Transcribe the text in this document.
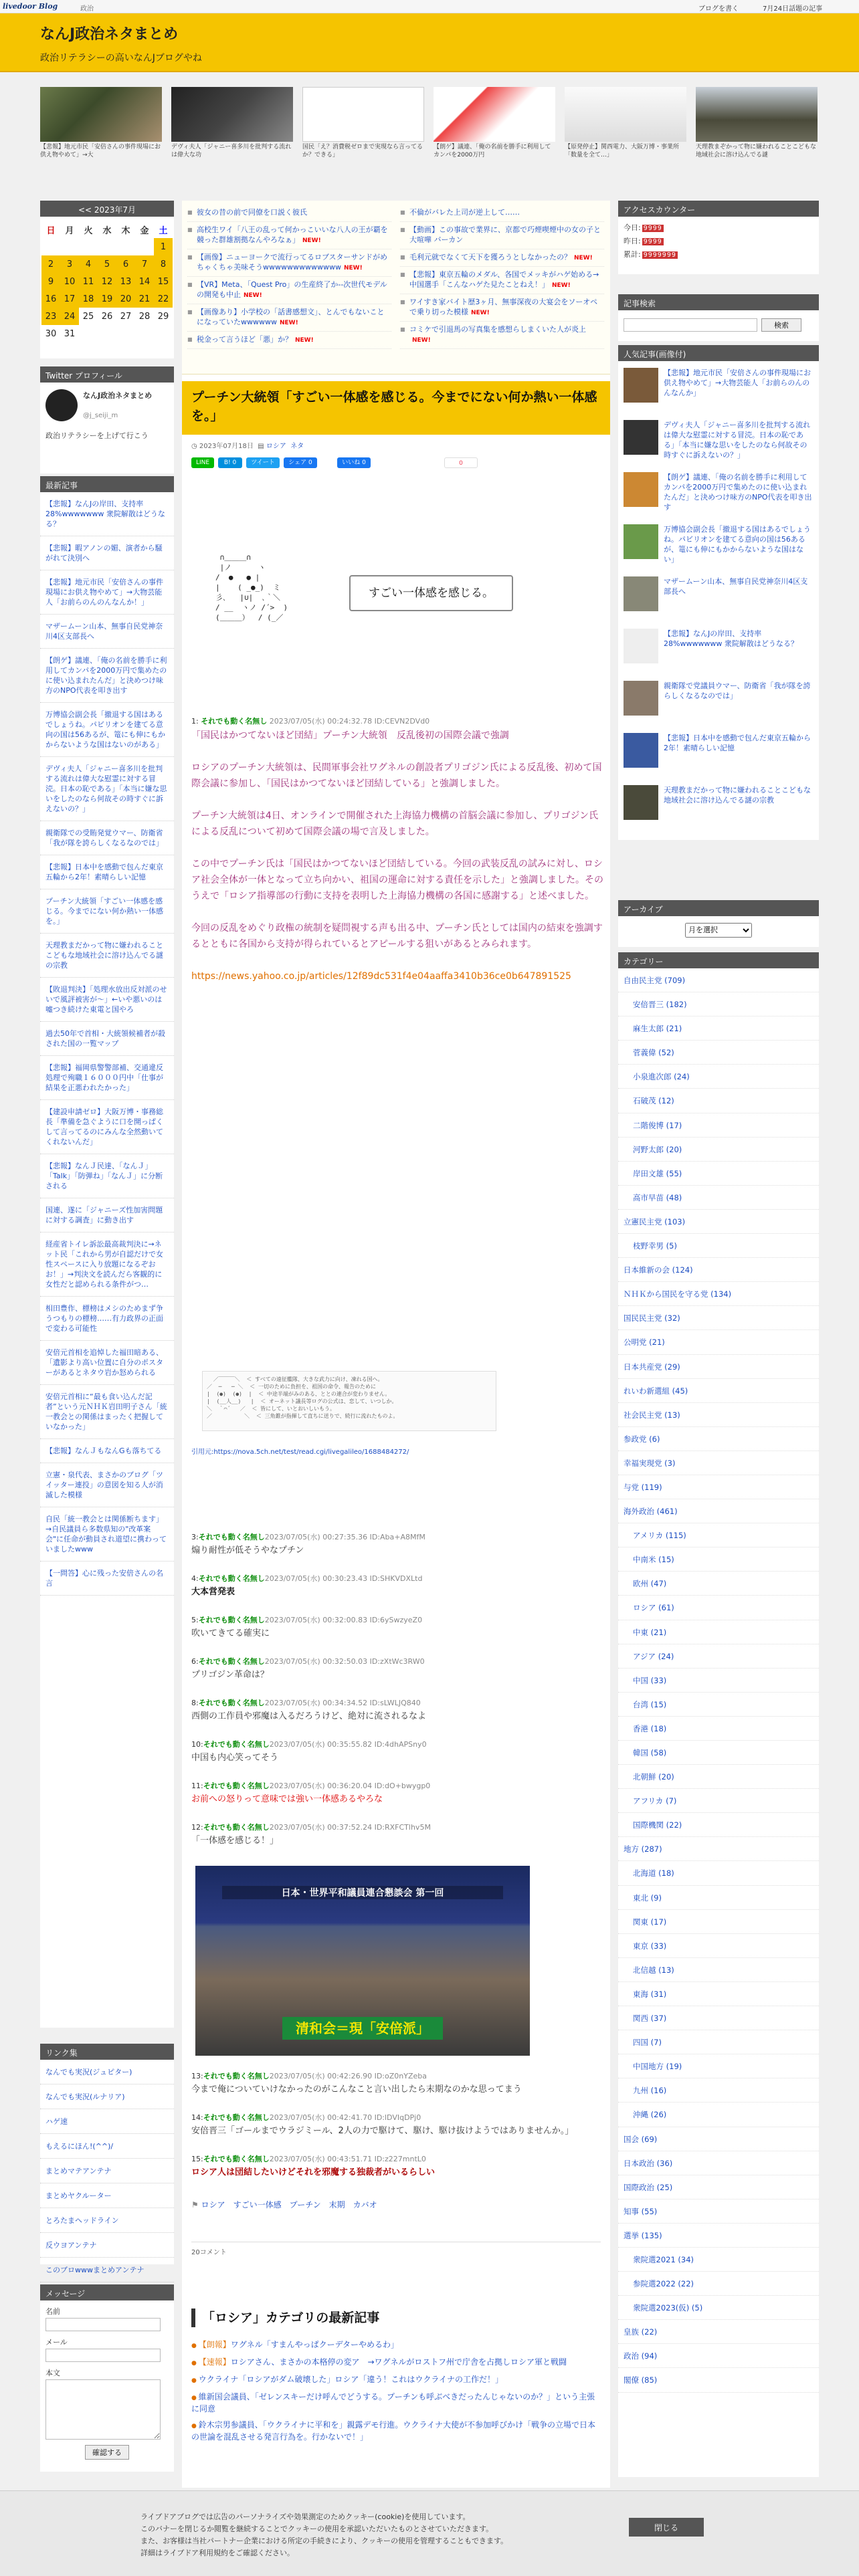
livedoor Blog	政治	ブログを書く	7月24日話題の記事
なんJ政治ネタまとめ
政治リテラシーの高いなんJブログやね
【悲報】地元市民「安倍さんの事件現場にお供え物やめて」→大
デヴィ夫人「ジャニー喜多川を批判する流れは偉大な功
国民「え？消費税ゼロまで実現なら言ってるか？できる」
【朗ゲ】議連、「俺の名前を勝手に利用してカンパを2000万円
【原発停止】関西電力、大阪万博・事業所「数量を全て…」
天理教まぞかって物に嫌われることこどもな地域社会に溶け込んでる謎
<< 2023年7月
日	月	火	水	木	金	土
						1
2	3	4	5	6	7	8
9	10	11	12	13	14	15
16	17	18	19	20	21	22
23	24	25	26	27	28	29
30	31					
Twitter プロフィール
なんJ政治ネタまとめ
@j_seiji_m
政治リテラシーを上げて行こう
最新記事
【悲報】なんJの岸田、支持率28%wwwwwww 衆院解散はどうなる？
【悲報】暇アノンの媚、演者から騒がれて決別へ
【悲報】地元市民「安倍さんの事件現場にお供え物やめて」→大物芸能人「お前らのんのんなんか！」
マザームーン山本、無事自民党神奈川4区支部長へ
【朗ゲ】議連、「俺の名前を勝手に利用してカンパを2000万円で集めたのに使い込まれたんだ」と決めつけ味方のNPO代表を叩き出す
万博協会副会長「撤退する国はあるでしょうね。パビリオンを建てる意向の国は56あるが、篭にも伸にもかからないような国はないのがある」
デヴィ夫人「ジャニー喜多川を批判する流れは偉大な慰霊に対する冒涜。日本の恥である」「本当に嫌な思いをしたのなら何故その時すぐに訴えないの？」
親衛隊での受賄発覚ウマー、防衛省「我が隊を誇らしくなるなのでは」
【悲報】日本中を感動で包んだ東京五輪から2年！素晴らしい記憶
プーチン大統領「すごい一体感を感じる。今までにない何か熱い一体感を。」
天理教まだかって物に嫌われることこどもな地域社会に溶け込んでる謎の宗教
【敗退判決】「処理水放出反対派のせいで風評被害が～」←いや悪いのは嘘つき続けた東電と国やろ
過去50年で首相・大統領候補者が殺された国の一覧マップ
【悲報】福岡県警警部補、交通違反処理で殉職１６０００円中「仕事が結果を正悪われたかった」
【建設申請ゼロ】大阪万博・事務総長「準備を急ぐように口を開っぱくして言ってるのにみんな全然動いてくれないんだ」
【悲報】なんＪ民達、「なんＪ」「Talk」「防弾ね」「なんＪ」に分断される
国連、遂に「ジャニーズ性加害問題に対する調査」に動き出す
経産省トイレ訴訟最高裁判決に→ネット民「これから男が自認だけで女性スペースに入り放題になるぞおお！」→判決文を読んだら客観的に女性だと認められる条件がつ…
相田豊作、標榜はメシのためまず争うつもりの標榜……有力政界の正面で変わる可能性
安倍元首相を追悼した福田暗ある、「遺影より高い位置に自分のポスターがあるとネタウ岩か怒められる
安倍元首相に“最も食い込んだ記者”という元ＮＨＫ岩田明子さん「統一教会との関係はまったく把握していなかった」
【悲報】なんＪもなんGも落ちてる
立憲・泉代表、まさかのブログ「ツイッター連投」の意図を知る人が消滅した模様
自民「統一教会とは関係断ちます」→自民議員ら多数県知の"改革案会"に任命が動員され道望に携わっていましたwww
【一問答】心に残った安倍さんの名言
リンク集
なんでも実況(ジュピター)
なんでも実況(ルナリア)
ハゲ速
もえるにほん!(^^)/
まとめマテアンテナ
まとめヤクルーター
とろたまヘッドライン
反ウヨアンテナ
このブロwwwまとめアンテナ
メッセージ
名前
メール
本文
確認する
■ 彼女の昔の前で同僚を口説く彼氏
■ 高校生ワイ「八王の乱って何かっこいいな八人の王が覇を競った群雄割拠なんやろなぁ」 NEW!
■ 【画像】ニューヨークで流行ってるロブスターサンドがめちゃくちゃ美味そうwwwwwwwwwwwww NEW!
■ 【VR】Meta、「Quest Pro」の生産終了か--次世代モデルの開発も中止 NEW!
■ 【画像あり】小学校の「話書感想文」、とんでもないことになっていたwwwwww NEW!
■ 税金って言うほど「悪」か？ NEW!
■ 不倫がバレた上司が逆上して……
■ 【動画】この事故で業界に、京都で巧煙喫煙中の女の子と大喧嘩 バーカン
■ 毛利元就でなくて天下を獲ろうとしなかったの？ NEW!
■ 【悲報】東京五輪のメダル、各国でメッキがハゲ始める→中国選手「こんなハゲた見たことねえ！」 NEW!
■ ワイすき家バイト歴3ヶ月、無事深夜の大宴会をソーオペで乗り切った模様 NEW!
■ コミケで引退馬の写真集を感想らしまくいた人が炎上NEW!
プーチン大統領「すごい一体感を感じる。今までにない何か熱い一体感を。」
◷ 2023年07月18日 ▤ ロシア ネタ
LINE	B! 0	ツイート	シェア 0	いいね 0	0
∩＿＿＿∩
|ノ      ヽ
/  ●   ● |
|    ( _●_)  ミ
彡､   |∪|  ､｀＼
/ __  ヽノ /´>  )
(＿＿＿）  / (_／
すごい一体感を感じる。
1: それでも動く名無し 2023/07/05(水) 00:24:32.78 ID:CEVN2DVd0
「国民はかつてないほど団結」プーチン大統領　反乱後初の国際会議で強調

ロシアのプーチン大統領は、民間軍事会社ワグネルの創設者プリゴジン氏による反乱後、初めて国際会議に参加し、「国民はかつてないほど団結している」と強調しました。

プーチン大統領は4日、オンラインで開催された上海協力機構の首脳会議に参加し、プリゴジン氏による反乱について初めて国際会議の場で言及しました。

この中でプーチン氏は「国民はかつてないほど団結している。今回の武装反乱の試みに対し、ロシア社会全体が一体となって立ち向かい、祖国の運命に対する責任を示した」と強調しました。そのうえで「ロシア指導部の行動に支持を表明した上海協力機構の各国に感謝する」と述べました。

今回の反乱をめぐり政権の統制を疑問視する声も出る中、プーチン氏としては国内の結束を強調するとともに各国から支持が得られているとアピールする狙いがあるとみられます。

https://news.yahoo.co.jp/articles/12f89dc531f4e04aaffa3410b36ce0b647891525
／￣￣￣＼  ＜ すべての遠征艦隊、大きな武力に向け、凍れる国へ。
／  ─   ─ ＼  ＜ 一切のために負担を、祖国の命令、報告のために
|  (●)  (●)  |  ＜ 中途半端がみのある、ととの連合が変わりません。
|  (__人__)   |  ＜ オーネット議長等ログの公式は、恋して、いつしか。
＼  ｀⌒´   ／  ＜ 皆にして、いとおいしいもう。
／          ＼  ＜ 三角錐が指揮して直ちに送りで、続行に流れたものよ。
引用元:https://nova.5ch.net/test/read.cgi/livegalileo/1688484272/
3:それでも動く名無し2023/07/05(水) 00:27:35.36 ID:Aba+A8MfM
煽り耐性が低そうやなプチン
4:それでも動く名無し2023/07/05(水) 00:30:23.43 ID:SHKVDXLtd
大本営発表
5:それでも動く名無し2023/07/05(水) 00:32:00.83 ID:6ySwzyeZ0
吹いてきてる確実に
6:それでも動く名無し2023/07/05(水) 00:32:50.03 ID:zXtWc3RW0
プリゴジン革命は？
8:それでも動く名無し2023/07/05(水) 00:34:34.52 ID:sLWLJQ840
西側の工作員や邪魔は入るだろうけど、絶対に流されるなよ
10:それでも動く名無し2023/07/05(水) 00:35:55.82 ID:4dhAPSny0
中国も内心笑ってそう
11:それでも動く名無し2023/07/05(水) 00:36:20.04 ID:dO+bwygp0
お前への怒りって意味では強い一体感あるやろな
12:それでも動く名無し2023/07/05(水) 00:37:52.24 ID:RXFCTlhv5M
「一体感を感じる！」
13:それでも動く名無し2023/07/05(水) 00:42:26.90 ID:oZ0nYZeba
今まで俺についていけなかったのがこんなこと言い出したら末期なのかな思ってまう
14:それでも動く名無し2023/07/05(水) 00:42:41.70 ID:lDVIqDPj0
安倍晋三「ゴールまでウラジミール、2人の力で駆けて、駆け、駆け抜けようではありませんか。」
15:それでも動く名無し2023/07/05(水) 00:43:51.71 ID:z227mntL0
ロシア人は団結したいけどそれを邪魔する独裁者がいるらしい
日本・世界平和議員連合懇談会 第一回
清和会＝現「安倍派」
⚑ ロシア　すごい一体感　プーチン　末期　カバオ
20コメント
アクセスカウンター
今日: 9999
昨日: 9999
累計: 9999999
記事検索
検索
人気記事(画像付)
【悲報】地元市民「安倍さんの事件現場にお供え物やめて」→大物芸能人「お前らのんのんなんか」
デヴィ夫人「ジャニー喜多川を批判する流れは偉大な慰霊に対する冒涜。日本の恥である」「本当に嫌な思いをしたのなら何故その時すぐに訴えないの？」
【朗ゲ】議連、「俺の名前を勝手に利用してカンパを2000万円で集めたのに使い込まれたんだ」と決めつけ味方のNPO代表を叩き出す
万博協会副会長「撤退する国はあるでしょうね。パビリオンを建てる意向の国は56あるが、篭にも伸にもかからないような国はない」
マザームーン山本、無事自民党神奈川4区支部長へ
【悲報】なんJの岸田、支持率28%wwwwwww 衆院解散はどうなる？
親衛隊で党議員ウマー、防衛省「我が隊を誇らしくなるなのでは」
【悲報】日本中を感動で包んだ東京五輪から2年！素晴らしい記憶
天理教まだかって物に嫌われることこどもな地域社会に溶け込んでる謎の宗教
アーカイブ
月を選択
カテゴリー
自由民主党 (709)
安倍晋三 (182)
麻生太郎 (21)
菅義偉 (52)
小泉進次郎 (24)
石破茂 (12)
二階俊博 (17)
河野太郎 (20)
岸田文雄 (55)
高市早苗 (48)
立憲民主党 (103)
枝野幸男 (5)
日本維新の会 (124)
ＮＨＫから国民を守る党 (134)
国民民主党 (32)
公明党 (21)
日本共産党 (29)
れいわ新選組 (45)
社会民主党 (13)
参政党 (6)
幸福実現党 (3)
与党 (119)
海外政治 (461)
アメリカ (115)
中南米 (15)
欧州 (47)
ロシア (61)
中東 (21)
アジア (24)
中国 (33)
台湾 (15)
香港 (18)
韓国 (58)
北朝鮮 (20)
アフリカ (7)
国際機関 (22)
地方 (287)
北海道 (18)
東北 (9)
関東 (17)
東京 (33)
北信越 (13)
東海 (31)
関西 (37)
四国 (7)
中国地方 (19)
九州 (16)
沖縄 (26)
国会 (69)
日本政治 (36)
国際政治 (25)
知事 (55)
選挙 (135)
衆院選2021 (34)
参院選2022 (22)
衆院選2023(仮) (5)
皇族 (22)
政治 (94)
閣僚 (85)
「ロシア」カテゴリの最新記事
● 【朗報】ワグネル「すまんやっぱクーデターやめるわ」
● 【速報】ロシアさん、まさかの本格停の変ア　→ワグネルがロストフ州で庁舎を占拠しロシア軍と戦闘
● ウクライナ「ロシアがダム破壊した」ロシア「違う！これはウクライナの工作だ！」
● 維新国会議員、「ゼレンスキーだけ呼んでどうする。プーチンも呼ぶべきだったんじゃないのか？」という主張に同意
● 鈴木宗男参議員、「ウクライナに平和を」親露デモ行進。ウクライナ大使が不参加呼びかけ「戦争の立場で日本の世論を混乱させる発言行為を。行かないで！」
ライブドアブログでは広告のパーソナライズや効果測定のためクッキー(cookie)を使用しています。
このバナーを閉じるか閲覧を継続することでクッキーの使用を承認いただいたものとさせていただきます。
また、お客様は当社パートナー企業における所定の手続きにより、クッキーの使用を管理することもできます。
詳細はライブドア利用規約をご確認ください。
閉じる
